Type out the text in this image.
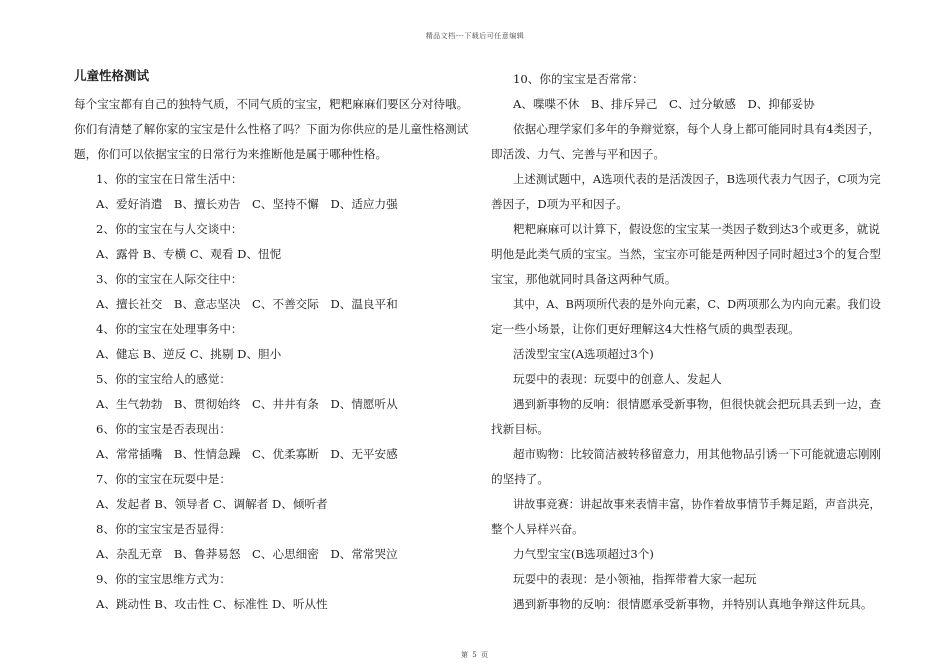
精品文档---下载后可任意编辑
儿童性格测试
每个宝宝都有自己的独特气质，不同气质的宝宝，粑粑麻麻们要区分对待哦。
你们有清楚了解你家的宝宝是什么性格了吗？下面为你供应的是儿童性格测试
题，你们可以依据宝宝的日常行为来推断他是属于哪种性格。
1、你的宝宝在日常生活中：
A、爱好消遣　B、擅长劝告　C、坚持不懈　D、适应力强
2、你的宝宝在与人交谈中：
A、露骨 B、专横 C、观看 D、忸怩
3、你的宝宝在人际交往中：
A、擅长社交　B、意志坚决　C、不善交际　D、温良平和
4、你的宝宝在处理事务中：
A、健忘 B、逆反 C、挑剔 D、胆小
5、你的宝宝给人的感觉：
A、生气勃勃　B、贯彻始终　C、井井有条　D、情愿听从
6、你的宝宝是否表现出：
A、常常插嘴　B、性情急躁　C、优柔寡断　D、无平安感
7、你的宝宝在玩耍中是：
A、发起者 B、领导者 C、调解者 D、倾听者
8、你的宝宝宝是否显得：
A、杂乱无章　B、鲁莽易怒　C、心思细密　D、常常哭泣
9、你的宝宝思维方式为：
A、跳动性 B、攻击性 C、标准性 D、听从性
10、你的宝宝是否常常：
A、喋喋不休　B、排斥异己　C、过分敏感　D、抑郁妥协
依据心理学家们多年的争辩觉察，每个人身上都可能同时具有4类因子，
即活泼、力气、完善与平和因子。
上述测试题中，A选项代表的是活泼因子，B选项代表力气因子，C项为完
善因子，D项为平和因子。
粑粑麻麻可以计算下，假设您的宝宝某一类因子数到达3个或更多，就说
明他是此类气质的宝宝。当然，宝宝亦可能是两种因子同时超过3个的复合型
宝宝，那他就同时具备这两种气质。
其中，A、B两项所代表的是外向元素，C、D两项那么为内向元素。我们设
定一些小场景，让你们更好理解这4大性格气质的典型表现。
活泼型宝宝(A选项超过3个)
玩耍中的表现：玩耍中的创意人、发起人
遇到新事物的反响：很情愿承受新事物，但很快就会把玩具丢到一边，查
找新目标。
超市购物：比较简洁被转移留意力，用其他物品引诱一下可能就遗忘刚刚
的坚持了。
讲故事竞赛：讲起故事来表情丰富，协作着故事情节手舞足蹈，声音洪亮，
整个人异样兴奋。
力气型宝宝(B选项超过3个)
玩耍中的表现：是小领袖，指挥带着大家一起玩
遇到新事物的反响：很情愿承受新事物，并特别认真地争辩这件玩具。
第 5 页
